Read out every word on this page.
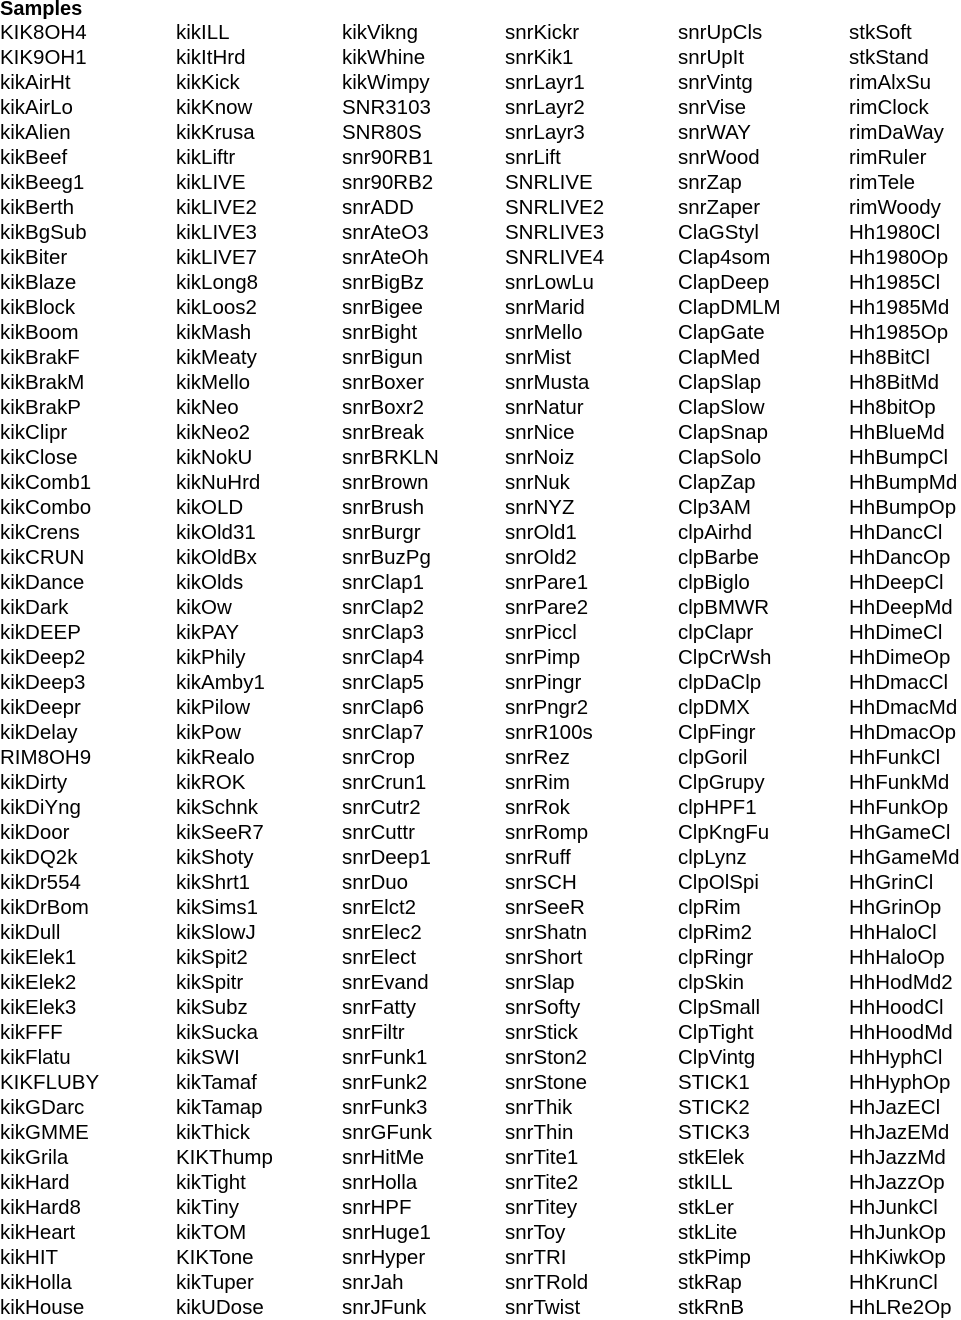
Samples
KIK8OH4
KIK9OH1
kikAirHt
kikAirLo
kikAlien
kikBeef
kikBeeg1
kikBerth
kikBgSub
kikBiter
kikBlaze
kikBlock
kikBoom
kikBrakF
kikBrakM
kikBrakP
kikClipr
kikClose
kikComb1
kikCombo
kikCrens
kikCRUN
kikDance
kikDark
kikDEEP
kikDeep2
kikDeep3
kikDeepr
kikDelay
RIM8OH9
kikDirty
kikDiYng
kikDoor
kikDQ2k
kikDr554
kikDrBom
kikDull
kikElek1
kikElek2
kikElek3
kikFFF
kikFlatu
KIKFLUBY
kikGDarc
kikGMME
kikGrila
kikHard
kikHard8
kikHeart
kikHIT
kikHolla
kikHouse
kikILL
kikItHrd
kikKick
kikKnow
kikKrusa
kikLiftr
kikLIVE
kikLIVE2
kikLIVE3
kikLIVE7
kikLong8
kikLoos2
kikMash
kikMeaty
kikMello
kikNeo
kikNeo2
kikNokU
kikNuHrd
kikOLD
kikOld31
kikOldBx
kikOlds
kikOw
kikPAY
kikPhily
kikAmby1
kikPilow
kikPow
kikRealo
kikROK
kikSchnk
kikSeeR7
kikShoty
kikShrt1
kikSims1
kikSlowJ
kikSpit2
kikSpitr
kikSubz
kikSucka
kikSWI
kikTamaf
kikTamap
kikThick
KIKThump
kikTight
kikTiny
kikTOM
KIKTone
kikTuper
kikUDose
kikVikng
kikWhine
kikWimpy
SNR3103
SNR80S
snr90RB1
snr90RB2
snrADD
snrAteO3
snrAteOh
snrBigBz
snrBigee
snrBight
snrBigun
snrBoxer
snrBoxr2
snrBreak
snrBRKLN
snrBrown
snrBrush
snrBurgr
snrBuzPg
snrClap1
snrClap2
snrClap3
snrClap4
snrClap5
snrClap6
snrClap7
snrCrop
snrCrun1
snrCutr2
snrCuttr
snrDeep1
snrDuo
snrElct2
snrElec2
snrElect
snrEvand
snrFatty
snrFiltr
snrFunk1
snrFunk2
snrFunk3
snrGFunk
snrHitMe
snrHolla
snrHPF
snrHuge1
snrHyper
snrJah
snrJFunk
snrKickr
snrKik1
snrLayr1
snrLayr2
snrLayr3
snrLift
SNRLIVE
SNRLIVE2
SNRLIVE3
SNRLIVE4
snrLowLu
snrMarid
snrMello
snrMist
snrMusta
snrNatur
snrNice
snrNoiz
snrNuk
snrNYZ
snrOld1
snrOld2
snrPare1
snrPare2
snrPiccl
snrPimp
snrPingr
snrPngr2
snrR100s
snrRez
snrRim
snrRok
snrRomp
snrRuff
snrSCH
snrSeeR
snrShatn
snrShort
snrSlap
snrSofty
snrStick
snrSton2
snrStone
snrThik
snrThin
snrTite1
snrTite2
snrTitey
snrToy
snrTRI
snrTRold
snrTwist
snrUpCls
snrUpIt
snrVintg
snrVise
snrWAY
snrWood
snrZap
snrZaper
ClaGStyl
Clap4som
ClapDeep
ClapDMLM
ClapGate
ClapMed
ClapSlap
ClapSlow
ClapSnap
ClapSolo
ClapZap
Clp3AM
clpAirhd
clpBarbe
clpBiglo
clpBMWR
clpClapr
ClpCrWsh
clpDaClp
clpDMX
ClpFingr
clpGoril
ClpGrupy
clpHPF1
ClpKngFu
clpLynz
ClpOlSpi
clpRim
clpRim2
clpRingr
clpSkin
ClpSmall
ClpTight
ClpVintg
STICK1
STICK2
STICK3
stkElek
stkILL
stkLer
stkLite
stkPimp
stkRap
stkRnB
stkSoft
stkStand
rimAlxSu
rimClock
rimDaWay
rimRuler
rimTele
rimWoody
Hh1980Cl
Hh1980Op
Hh1985Cl
Hh1985Md
Hh1985Op
Hh8BitCl
Hh8BitMd
Hh8bitOp
HhBlueMd
HhBumpCl
HhBumpMd
HhBumpOp
HhDancCl
HhDancOp
HhDeepCl
HhDeepMd
HhDimeCl
HhDimeOp
HhDmacCl
HhDmacMd
HhDmacOp
HhFunkCl
HhFunkMd
HhFunkOp
HhGameCl
HhGameMd
HhGrinCl
HhGrinOp
HhHaloCl
HhHaloOp
HhHodMd2
HhHoodCl
HhHoodMd
HhHyphCl
HhHyphOp
HhJazECl
HhJazEMd
HhJazzMd
HhJazzOp
HhJunkCl
HhJunkOp
HhKiwkOp
HhKrunCl
HhLRe2Op
